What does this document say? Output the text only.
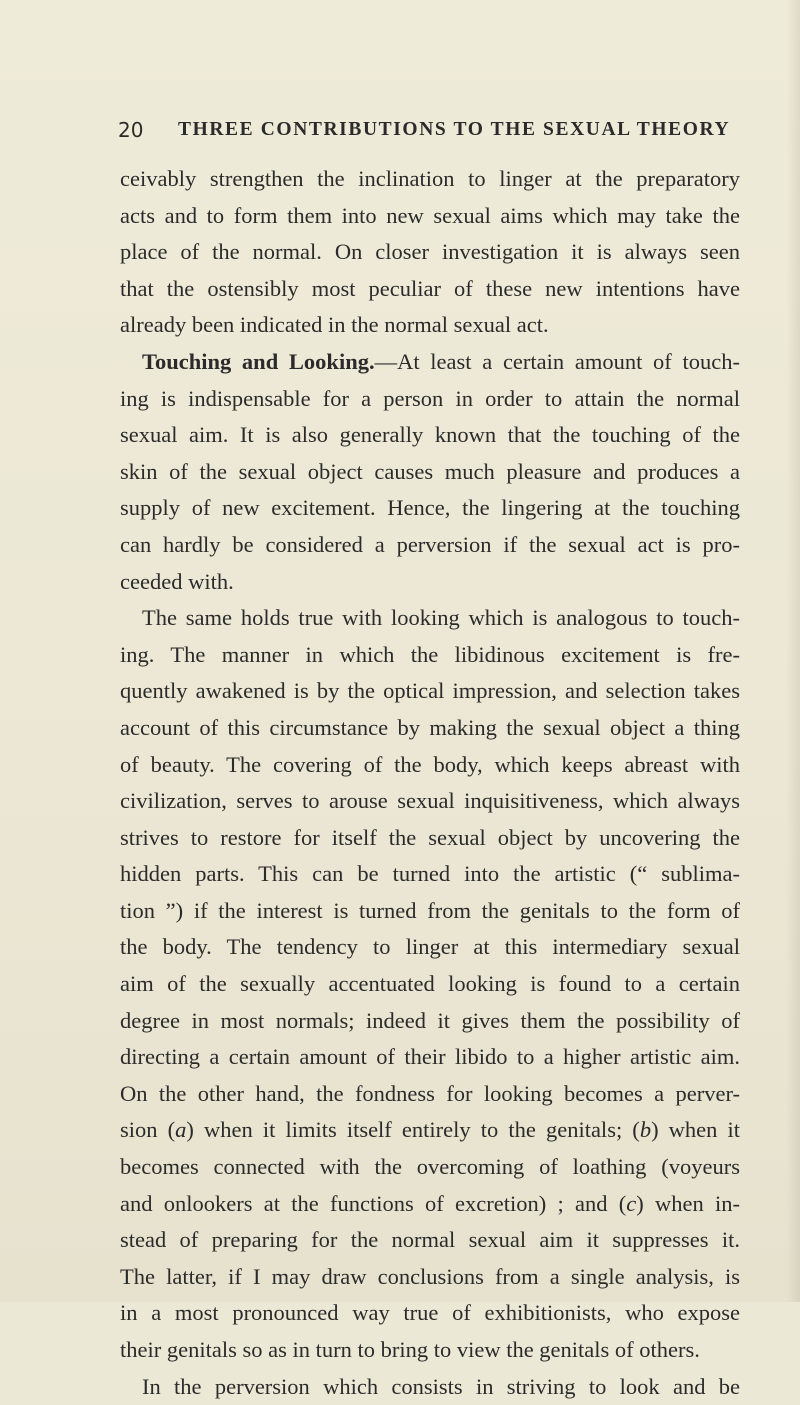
20 THREE CONTRIBUTIONS TO THE SEXUAL THEORY
ceivably strengthen the inclination to linger at the preparatory
acts and to form them into new sexual aims which may take the
place of the normal. On closer investigation it is always seen
that the ostensibly most peculiar of these new intentions have
already been indicated in the normal sexual act.
Touching and Looking.—At least a certain amount of touch-
ing is indispensable for a person in order to attain the normal
sexual aim. It is also generally known that the touching of the
skin of the sexual object causes much pleasure and produces a
supply of new excitement. Hence, the lingering at the touching
can hardly be considered a perversion if the sexual act is pro-
ceeded with.
The same holds true with looking which is analogous to touch-
ing. The manner in which the libidinous excitement is fre-
quently awakened is by the optical impression, and selection takes
account of this circumstance by making the sexual object a thing
of beauty. The covering of the body, which keeps abreast with
civilization, serves to arouse sexual inquisitiveness, which always
strives to restore for itself the sexual object by uncovering the
hidden parts. This can be turned into the artistic (“ sublima-
tion ”) if the interest is turned from the genitals to the form of
the body. The tendency to linger at this intermediary sexual
aim of the sexually accentuated looking is found to a certain
degree in most normals; indeed it gives them the possibility of
directing a certain amount of their libido to a higher artistic aim.
On the other hand, the fondness for looking becomes a perver-
sion (a) when it limits itself entirely to the genitals; (b) when it
becomes connected with the overcoming of loathing (voyeurs
and onlookers at the functions of excretion) ; and (c) when in-
stead of preparing for the normal sexual aim it suppresses it.
The latter, if I may draw conclusions from a single analysis, is
in a most pronounced way true of exhibitionists, who expose
their genitals so as in turn to bring to view the genitals of others.
In the perversion which consists in striving to look and be
